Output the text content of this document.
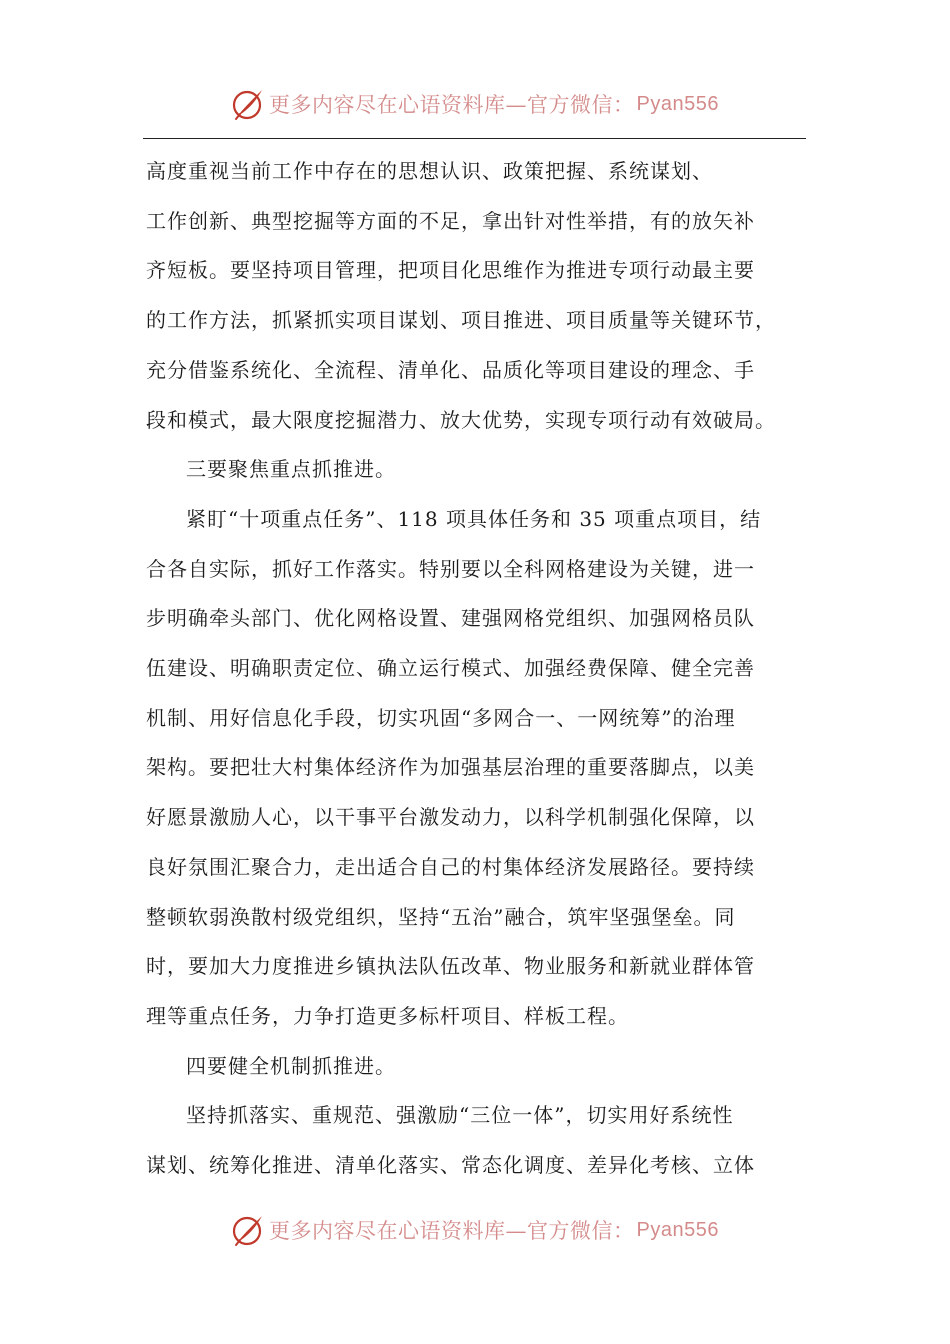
更多内容尽在心语资料库—官方微信： Pyan556

高度重视当前工作中存在的思想认识、政策把握、系统谋划、
工作创新、典型挖掘等方面的不足，拿出针对性举措，有的放矢补
齐短板。要坚持项目管理，把项目化思维作为推进专项行动最主要
的工作方法，抓紧抓实项目谋划、项目推进、项目质量等关键环节，
充分借鉴系统化、全流程、清单化、品质化等项目建设的理念、手
段和模式，最大限度挖掘潜力、放大优势，实现专项行动有效破局。

三要聚焦重点抓推进。

紧盯“十项重点任务”、118 项具体任务和 35 项重点项目，结
合各自实际，抓好工作落实。特别要以全科网格建设为关键，进一
步明确牵头部门、优化网格设置、建强网格党组织、加强网格员队
伍建设、明确职责定位、确立运行模式、加强经费保障、健全完善
机制、用好信息化手段，切实巩固“多网合一、一网统筹”的治理
架构。要把壮大村集体经济作为加强基层治理的重要落脚点，以美
好愿景激励人心，以干事平台激发动力，以科学机制强化保障，以
良好氛围汇聚合力，走出适合自己的村集体经济发展路径。要持续
整顿软弱涣散村级党组织，坚持“五治”融合，筑牢坚强堡垒。同
时，要加大力度推进乡镇执法队伍改革、物业服务和新就业群体管
理等重点任务，力争打造更多标杆项目、样板工程。

四要健全机制抓推进。

坚持抓落实、重规范、强激励“三位一体”，切实用好系统性
谋划、统筹化推进、清单化落实、常态化调度、差异化考核、立体

更多内容尽在心语资料库—官方微信： Pyan556
